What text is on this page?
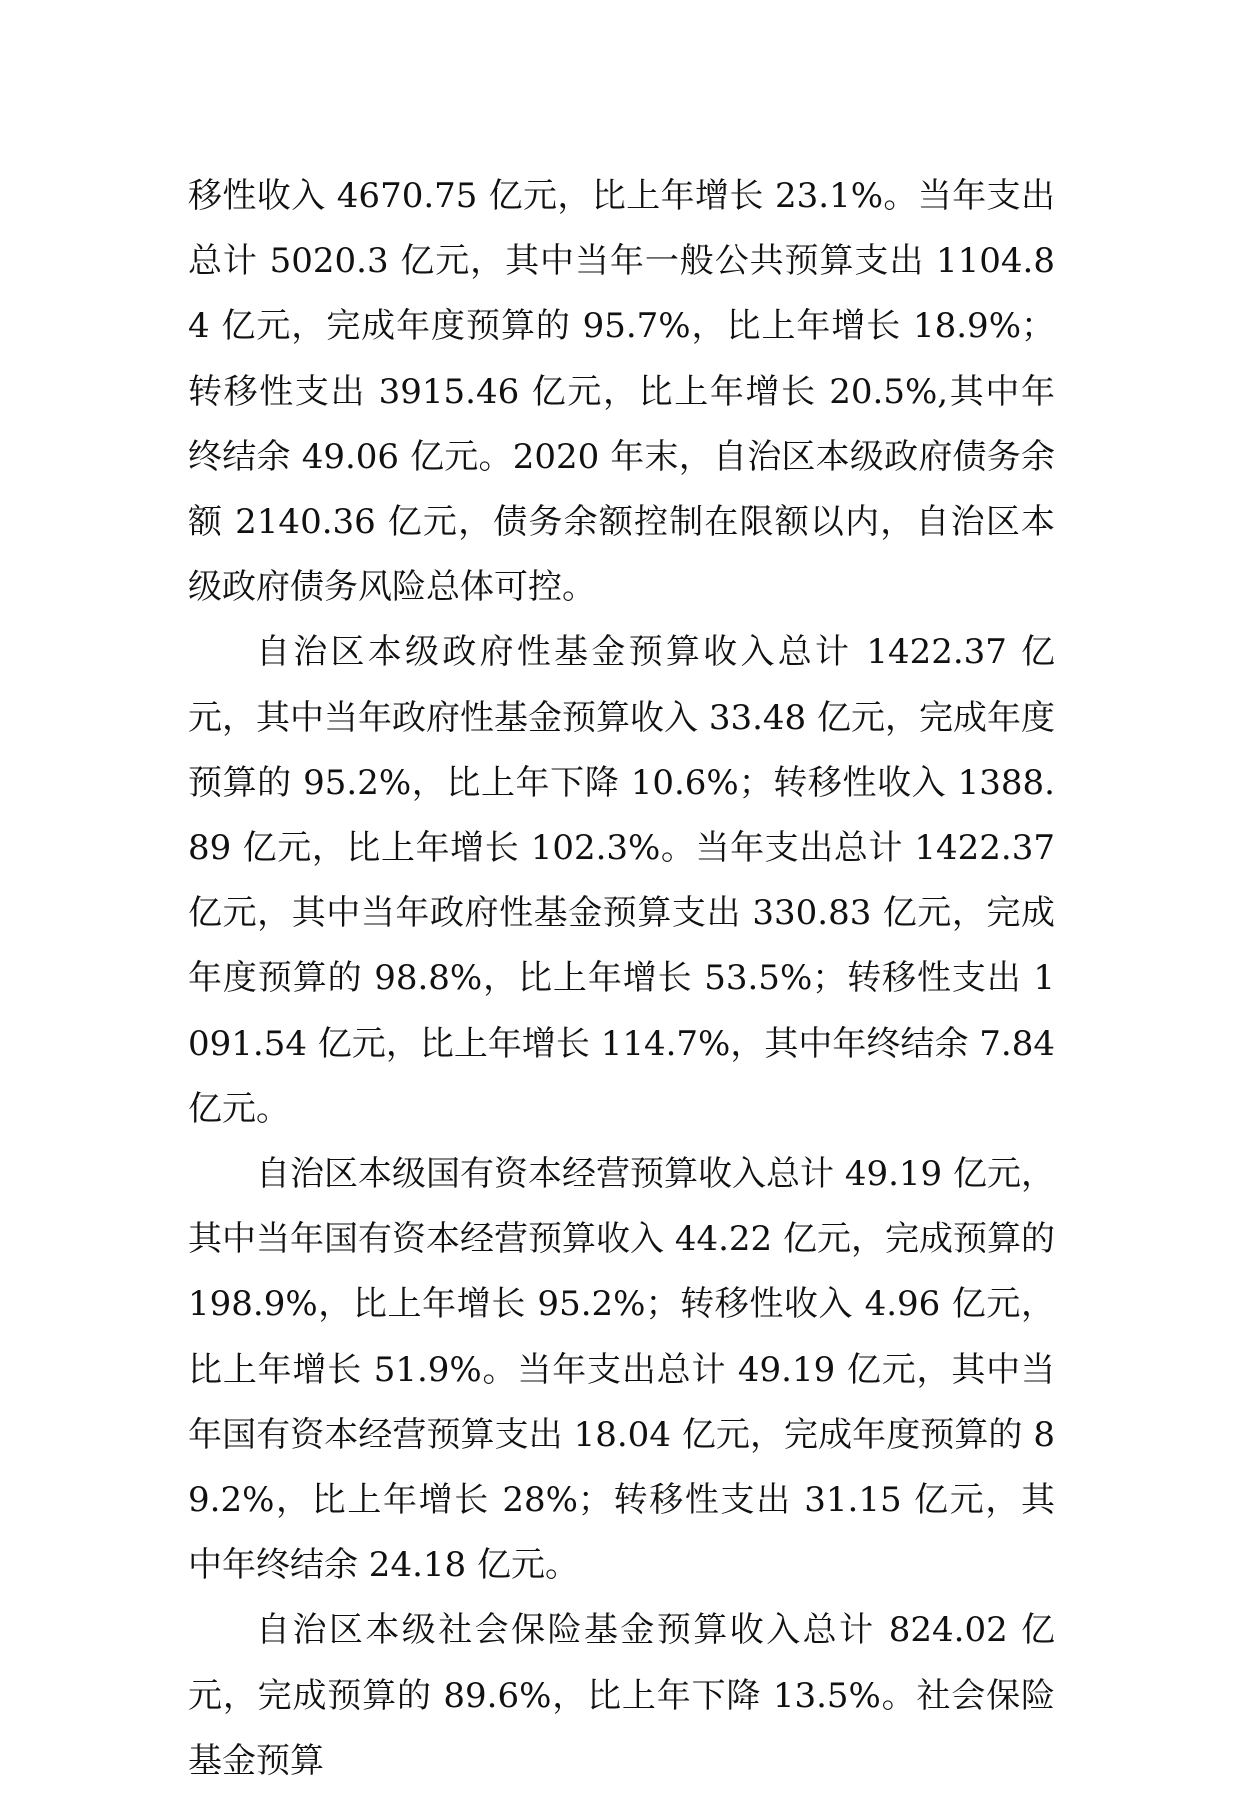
移性收入 4670.75 亿元，比上年增长 23.1%。当年支出总计 5020.3 亿元，其中当年一般公共预算支出 1104.84 亿元，完成年度预算的 95.7%，比上年增长 18.9%；转移性支出 3915.46 亿元，比上年增长 20.5%,其中年终结余 49.06 亿元。2020 年末，自治区本级政府债务余额 2140.36 亿元，债务余额控制在限额以内，自治区本级政府债务风险总体可控。

自治区本级政府性基金预算收入总计 1422.37 亿元，其中当年政府性基金预算收入 33.48 亿元，完成年度预算的 95.2%，比上年下降 10.6%；转移性收入 1388.89 亿元，比上年增长 102.3%。当年支出总计 1422.37 亿元，其中当年政府性基金预算支出 330.83 亿元，完成年度预算的 98.8%，比上年增长 53.5%；转移性支出 1091.54 亿元，比上年增长 114.7%，其中年终结余 7.84 亿元。

自治区本级国有资本经营预算收入总计 49.19 亿元，其中当年国有资本经营预算收入 44.22 亿元，完成预算的 198.9%，比上年增长 95.2%；转移性收入 4.96 亿元，比上年增长 51.9%。当年支出总计 49.19 亿元，其中当年国有资本经营预算支出 18.04 亿元，完成年度预算的 89.2%，比上年增长 28%；转移性支出 31.15 亿元，其中年终结余 24.18 亿元。

自治区本级社会保险基金预算收入总计 824.02 亿元，完成预算的 89.6%，比上年下降 13.5%。社会保险基金预算
